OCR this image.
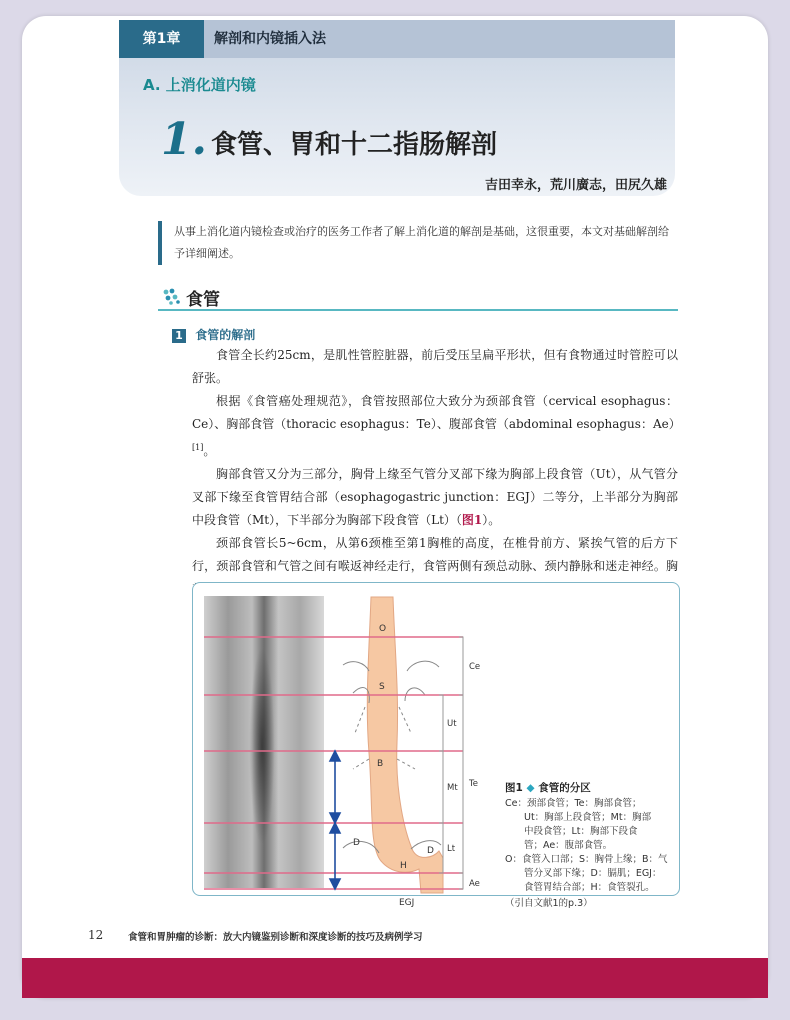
第1章	解剖和内镜插入法
A. 上消化道内镜
1. 食管、胃和十二指肠解剖
吉田幸永，荒川廣志，田尻久雄
从事上消化道内镜检查或治疗的医务工作者了解上消化道的解剖是基础，这很重要，本文对基础解剖给予详细阐述。
食管
1 食管的解剖

食管全长约25cm，是肌性管腔脏器，前后受压呈扁平形状，但有食物通过时管腔可以舒张。

根据《食管癌处理规范》，食管按照部位大致分为颈部食管（cervical esophagus：Ce）、胸部食管（thoracic esophagus：Te）、腹部食管（abdominal esophagus：Ae）[1]。

胸部食管又分为三部分，胸骨上缘至气管分叉部下缘为胸部上段食管（Ut），从气管分叉部下缘至食管胃结合部（esophagogastric junction：EGJ）二等分，上半部分为胸部中段食管（Mt），下半部分为胸部下段食管（Lt）（图1）。

颈部食管长5~6cm，从第6颈椎至第1胸椎的高度，在椎骨前方、紧挨气管的后方下行，颈部食管和气管之间有喉返神经走行，食管两侧有颈总动脉、颈内静脉和迷走神经。胸

O
S
B
D
D
H
EGJ
Ce
Ut
Te
Mt
Lt
Ae
图1 ◆ 食管的分区
Ce：颈部食管；Te：胸部食管；
Ut：胸部上段食管；Mt：胸部
中段食管；Lt：胸部下段食
管；Ae：腹部食管。
O：食管入口部；S：胸骨上缘；B：气
管分叉部下缘；D：膈肌；EGJ：
食管胃结合部；H：食管裂孔。
（引自文献1的p.3）
12	食管和胃肿瘤的诊断：放大内镜鉴别诊断和深度诊断的技巧及病例学习
